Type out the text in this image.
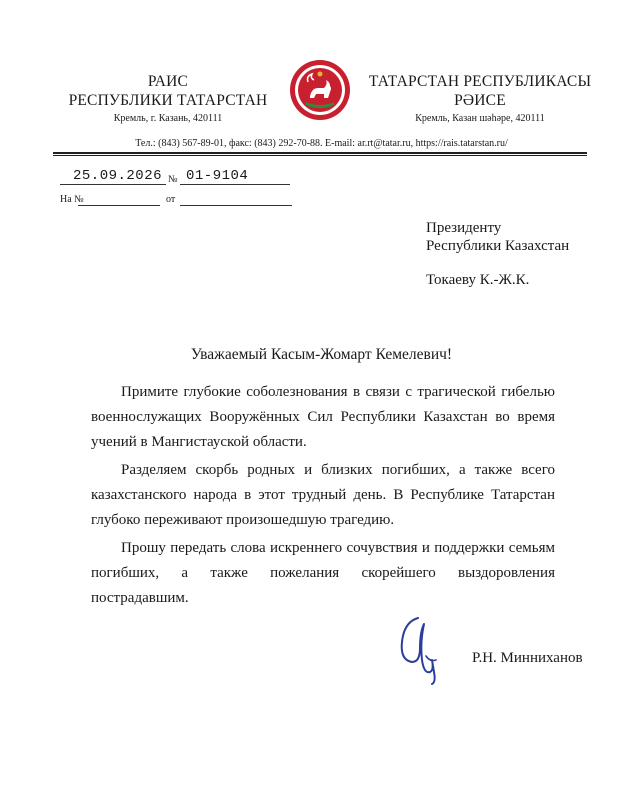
РАИС
РЕСПУБЛИКИ ТАТАРСТАН
Кремль, г. Казань, 420111
ТАТАРСТАН РЕСПУБЛИКАСЫ
РӘИСЕ
Кремль, Казан шәһәре, 420111
Тел.: (843) 567-89-01, факс: (843) 292-70-88. E-mail: ar.rt@tatar.ru, https://rais.tatarstan.ru/
25.09.2026 № 01-9104
На №	от
Президенту
Республики Казахстан
Токаеву К.-Ж.К.
Уважаемый Касым-Жомарт Кемелевич!
Примите глубокие соболезнования в связи с трагической гибелью военнослужащих Вооружённых Сил Республики Казахстан во время учений в Мангистауской области.
Разделяем скорбь родных и близких погибших, а также всего казахстанского народа в этот трудный день. В Республике Татарстан глубоко переживают произошедшую трагедию.
Прошу передать слова искреннего сочувствия и поддержки семьям погибших, а также пожелания скорейшего выздоровления пострадавшим.
Р.Н. Минниханов
